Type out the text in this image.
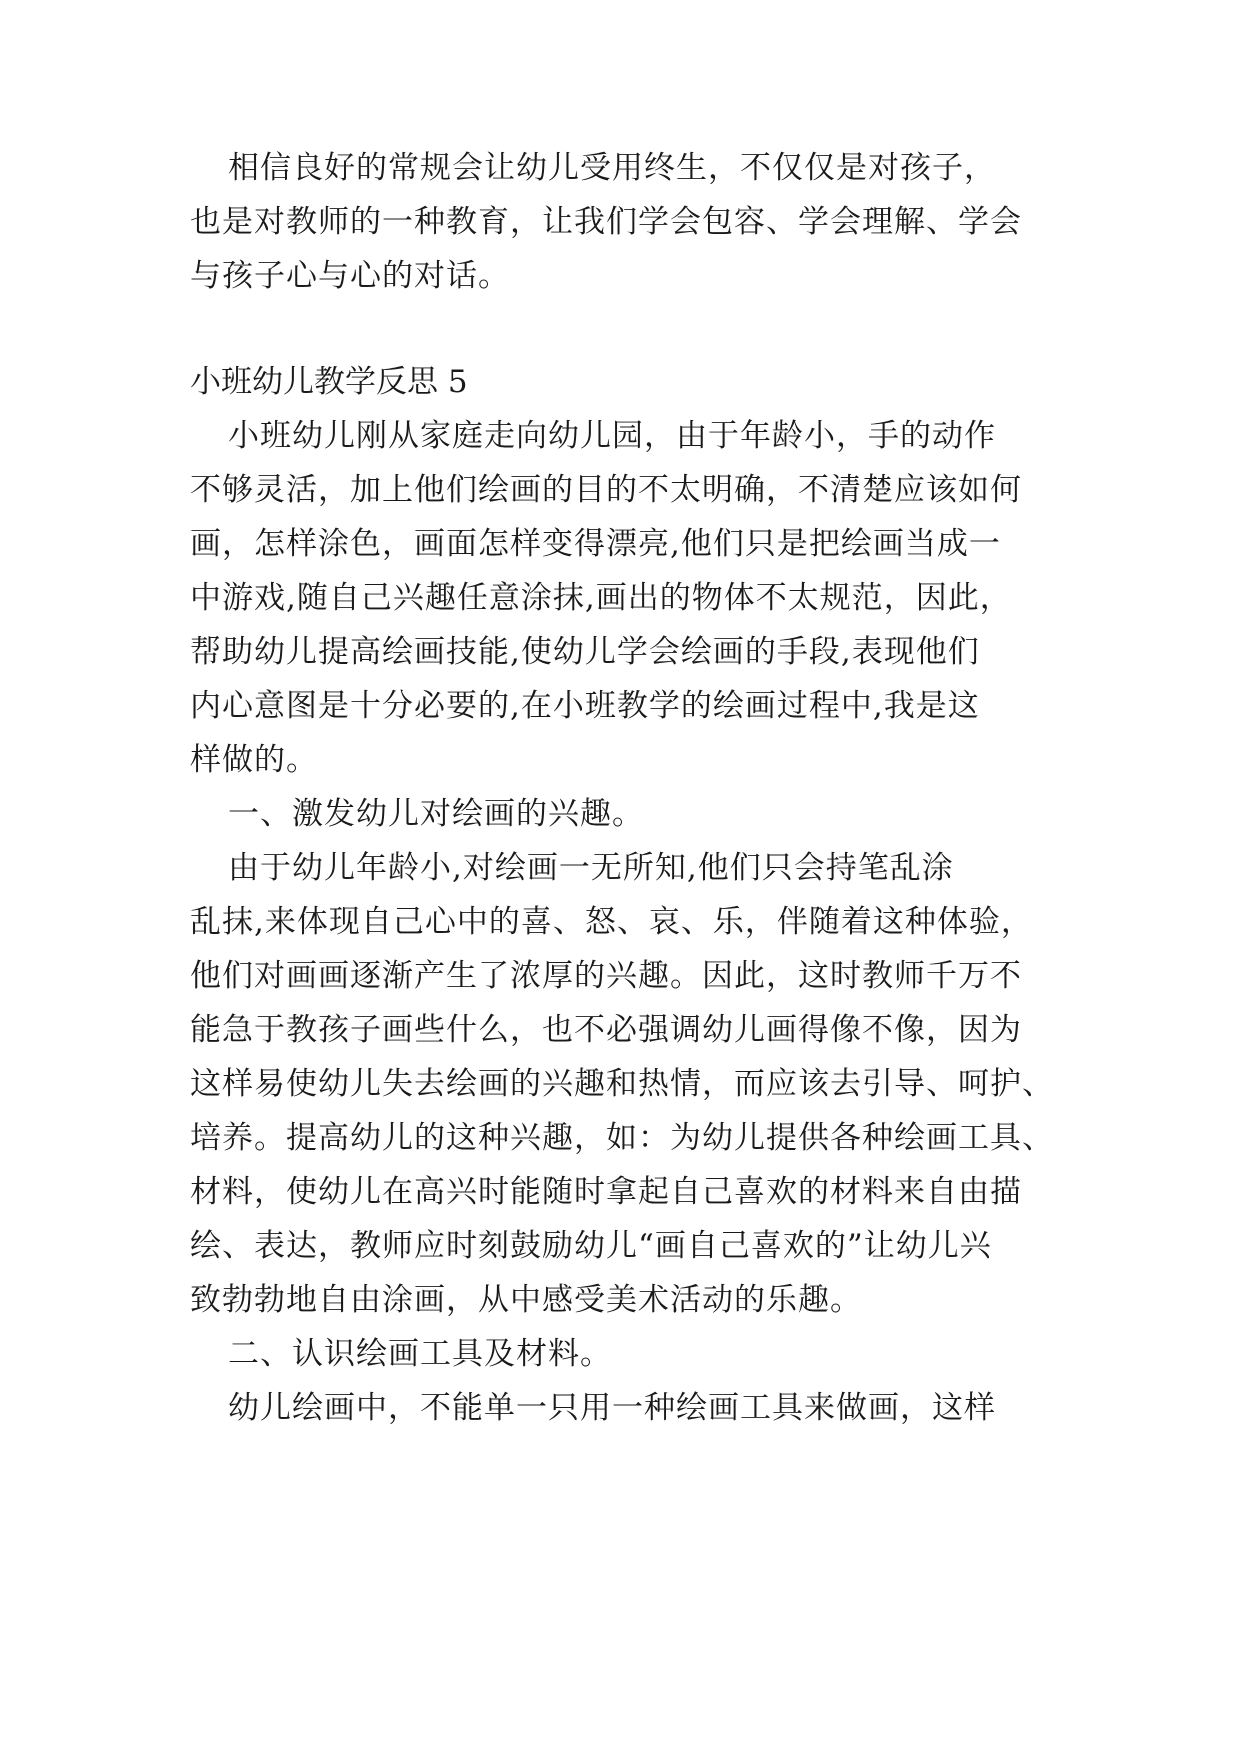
相信良好的常规会让幼儿受用终生，不仅仅是对孩子，
也是对教师的一种教育，让我们学会包容、学会理解、学会
与孩子心与心的对话。
小班幼儿教学反思 5
小班幼儿刚从家庭走向幼儿园，由于年龄小，手的动作
不够灵活，加上他们绘画的目的不太明确，不清楚应该如何
画，怎样涂色，画面怎样变得漂亮,他们只是把绘画当成一
中游戏,随自己兴趣任意涂抹,画出的物体不太规范，因此，
帮助幼儿提高绘画技能,使幼儿学会绘画的手段,表现他们
内心意图是十分必要的,在小班教学的绘画过程中,我是这
样做的。
一、激发幼儿对绘画的兴趣。
由于幼儿年龄小,对绘画一无所知,他们只会持笔乱涂
乱抹,来体现自己心中的喜、怒、哀、乐，伴随着这种体验，
他们对画画逐渐产生了浓厚的兴趣。因此，这时教师千万不
能急于教孩子画些什么，也不必强调幼儿画得像不像，因为
这样易使幼儿失去绘画的兴趣和热情，而应该去引导、呵护、
培养。提高幼儿的这种兴趣，如：为幼儿提供各种绘画工具、
材料，使幼儿在高兴时能随时拿起自己喜欢的材料来自由描
绘、表达，教师应时刻鼓励幼儿“画自己喜欢的”让幼儿兴
致勃勃地自由涂画，从中感受美术活动的乐趣。
二、认识绘画工具及材料。
幼儿绘画中，不能单一只用一种绘画工具来做画，这样
